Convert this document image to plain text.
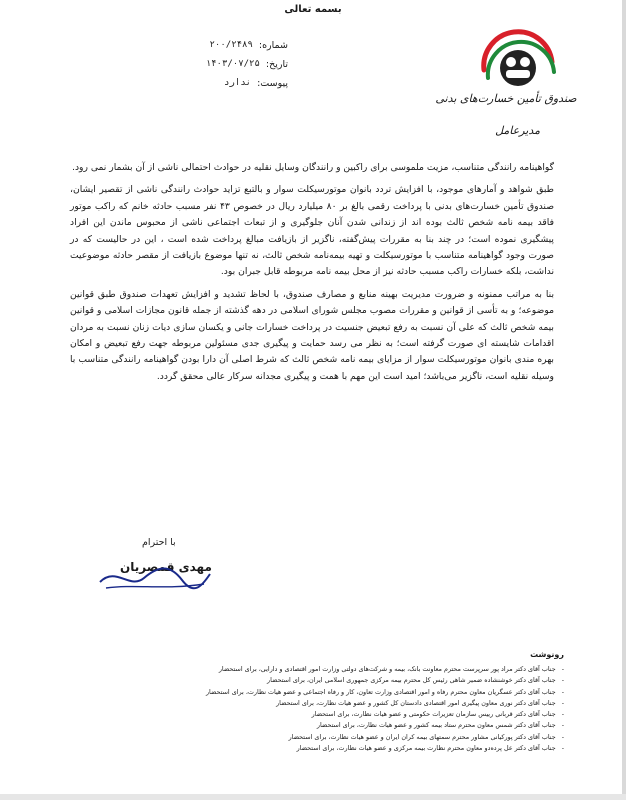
بسمه تعالی
شماره:
۲۰۰/۲۴۸۹
تاریخ:
۱۴۰۳/۰۷/۲۵
پیوست:
ندارد
صندوق تأمین خسارت‌های بدنی
مدیرعامل

گواهینامه رانندگی متناسب، مزیت ملموسی برای راکبین و رانندگان وسایل نقلیه در حوادث احتمالی ناشی از آن بشمار نمی رود.

طبق شواهد و آمارهای موجود، با افزایش تردد بانوان موتورسیکلت سوار و بالتبع تزاید حوادث رانندگی ناشی از تقصیر ایشان، صندوق تأمین خسارت‌های بدنی با پرداخت رقمی بالغ بر ۸۰ میلیارد ریال در خصوص ۴۳ نفر مسبب حادثه خانم که راکب موتور فاقد بیمه نامه شخص ثالث بوده اند از زندانی شدن آنان جلوگیری و از تبعات اجتماعی ناشی از محبوس ماندن این افراد پیشگیری نموده است؛ در چند بنا به مقررات پیش‌گفته، ناگزیر از بازیافت مبالغ پرداخت شده است ، این در حالیست که در صورت وجود گواهینامه متناسب با موتورسیکلت و تهیه بیمه‌نامه شخص ثالث، نه تنها موضوع بازیافت از مقصر حادثه موضوعیت نداشت، بلکه خسارات راکب مسبب حادثه نیز از محل بیمه نامه مربوطه قابل جبران بود.

بنا به مراتب ممنونه و ضرورت مدیریت بهینه منابع و مصارف صندوق، با لحاظ تشدید و افزایش تعهدات صندوق طبق قوانین موضوعه؛ و به تأسی از قوانین و مقررات مصوب مجلس شورای اسلامی در دهه گذشته از جمله قانون مجازات اسلامی و قوانین بیمه شخص ثالث که علی آن نسبت به رفع تبعیض جنسیت در پرداخت خسارات جانی و یکسان سازی دیات زنان نسبت به مردان اقدامات شایسته ای صورت گرفته است؛ به نظر می رسد حمایت و پیگیری جدی مسئولین مربوطه جهت رفع تبعیض و امکان بهره مندی بانوان موتورسیکلت سوار از مزایای بیمه نامه شخص ثالث که شرط اصلی آن دارا بودن گواهینامه رانندگی متناسب با وسیله نقلیه است، ناگزیر می‌باشد؛ امید است این مهم با همت و پیگیری مجدانه سرکار عالی محقق گردد.

با احترام
مهدی قمصریان
رونوشت
-
جناب آقای دکتر مراد پور سرپرست محترم معاونت بانک، بیمه و شرکت‌های دولتی وزارت امور اقتصادی و دارایی، برای استحضار
-
جناب آقای دکتر خوشنشاده ضمیر شاهی رئیس کل محترم بیمه مرکزی جمهوری اسلامی ایران، برای استحضار
-
جناب آقای دکتر عسگریان معاون محترم رفاه و امور اقتصادی وزارت تعاون، کار و رفاه اجتماعی و عضو هیات نظارت، برای استحضار
-
جناب آقای دکتر نوری معاون پیگیری امور اقتصادی دادستان کل کشور و عضو هیات نظارت، برای استحضار
-
جناب آقای دکتر قربانی رییس سازمان تعزیرات حکومتی و عضو هیات نظارت، برای استحضار
-
جناب آقای دکتر شمس معاون محترم ستاد بیمه کشور و عضو هیات نظارت، برای استحضار
-
جناب آقای دکتر پورکیانی مشاور محترم سمتهای بیمه کران ایران و عضو هیات نظارت، برای استحضار
-
جناب آقای دکتر عل پرده‌دو معاون محترم نظارت بیمه مرکزی و عضو هیات نظارت، برای استحضار
